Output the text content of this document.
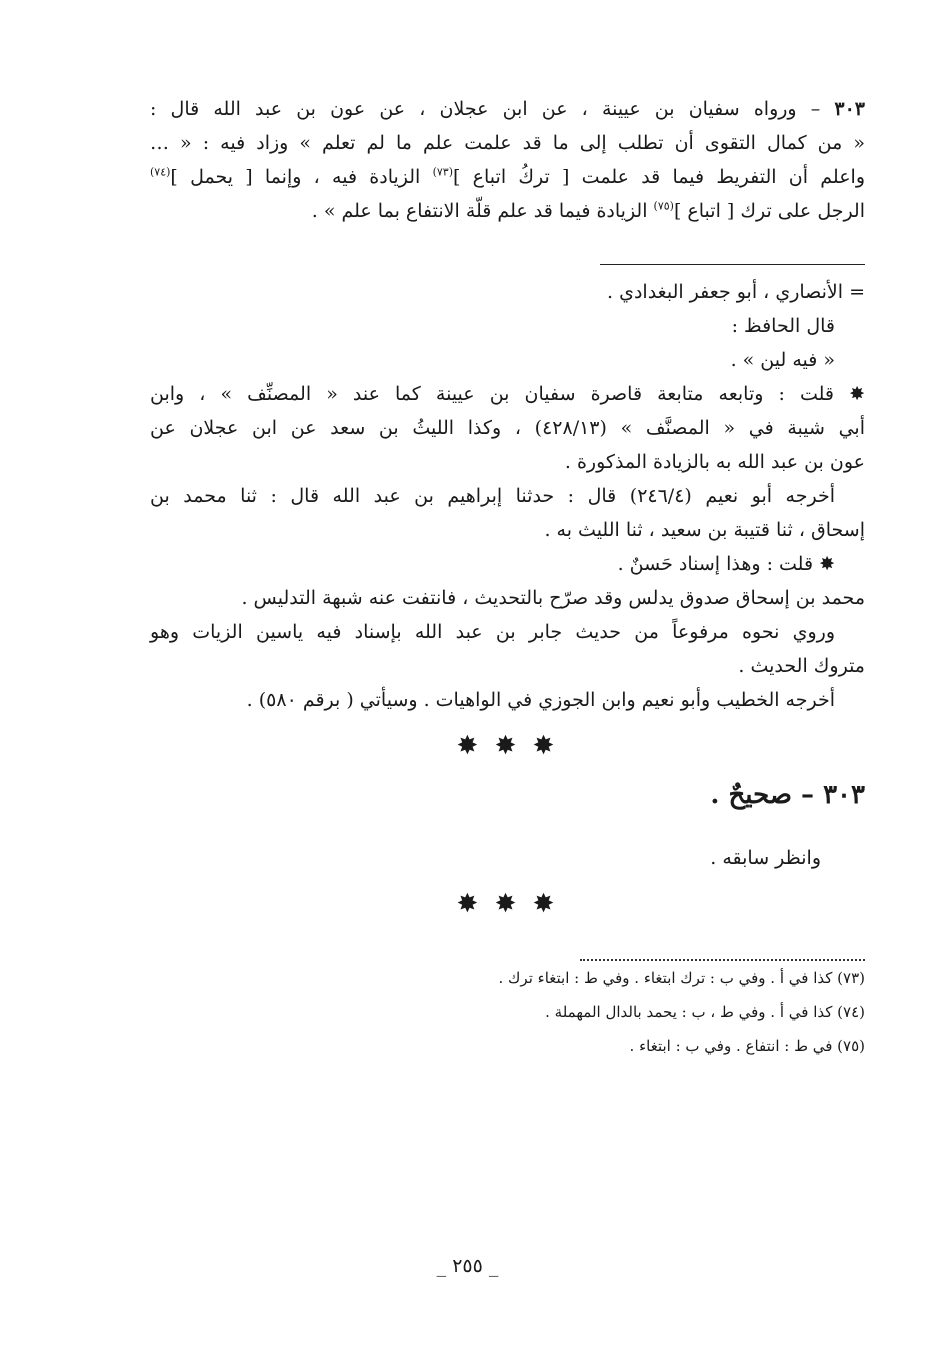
٣٠٣ – ورواه سفيان بن عيينة ، عن ابن عجلان ، عن عون بن عبد الله قال :

« من كمال التقوى أن تطلب إلى ما قد علمت علم ما لم تعلم » وزاد فيه : « …

واعلم أن التفريط فيما قد علمت [ تركُ اتباع ]$^{(٧٣)}$ الزيادة فيه ، وإنما [ يحمل ]$^{(٧٤)}$

الرجل على ترك [ اتباع ]$^{(٧٥)}$ الزيادة فيما قد علم قلّة الانتفاع بما علم » .

= الأنصاري ، أبو جعفر البغدادي .

قال الحافظ :

« فيه لين » .

✸ قلت : وتابعه متابعة قاصرة سفيان بن عيينة كما عند « المصنِّف » ، وابن

أبي شيبة في « المصنَّف » (٤٢٨/١٣) ، وكذا الليثُ بن سعد عن ابن عجلان عن

عون بن عبد الله به بالزيادة المذكورة .

أخرجه أبو نعيم (٢٤٦/٤) قال : حدثنا إبراهيم بن عبد الله قال : ثنا محمد بن

إسحاق ، ثنا قتيبة بن سعيد ، ثنا الليث به .

✸ قلت : وهذا إسناد حَسنٌ .

محمد بن إسحاق صدوق يدلس وقد صرّح بالتحديث ، فانتفت عنه شبهة التدليس .

وروي نحوه مرفوعاً من حديث جابر بن عبد الله بإسناد فيه ياسين الزيات وهو

متروك الحديث .

أخرجه الخطيب وأبو نعيم وابن الجوزي في الواهيات . وسيأتي ( برقم ٥٨٠) .

✸ ✸ ✸

٣٠٣ – صحيحٌ .

وانظر سابقه .

✸ ✸ ✸

(٧٣) كذا في أ . وفي ب : ترك ابتغاء . وفي ط : ابتغاء ترك .

(٧٤) كذا في أ . وفي ط ، ب : يحمد بالدال المهملة .

(٧٥) في ط : انتفاع . وفي ب : ابتغاء .

_ ٢٥٥ _
